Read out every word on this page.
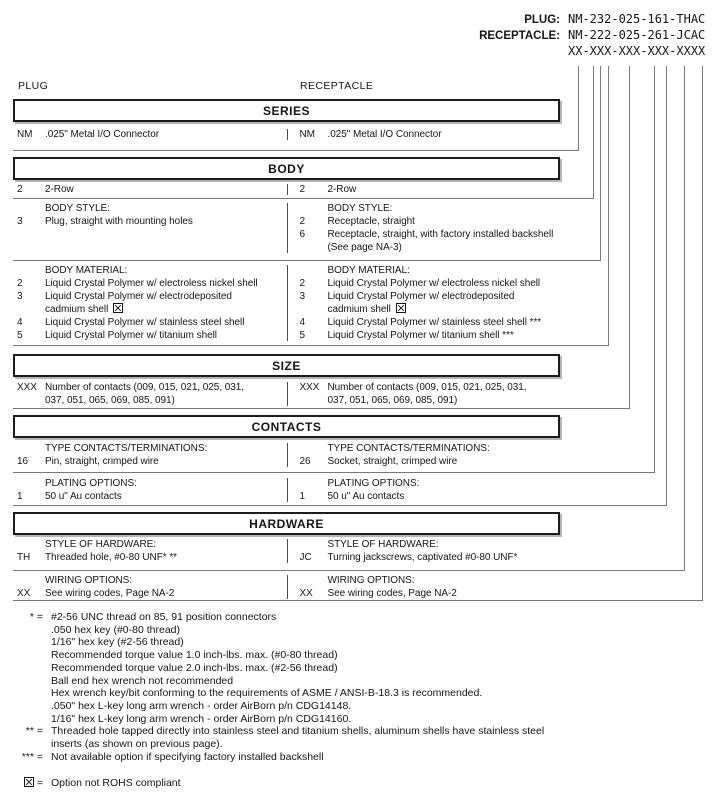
PLUG: NM-232-025-161-THAC
RECEPTACLE: NM-222-025-261-JCAC
XX-XXX-XXX-XXX-XXXX
PLUG	RECEPTACLE
SERIES
NM	.025" Metal I/O Connector	NM	.025" Metal I/O Connector
BODY
2	2-Row	2	2-Row
BODY STYLE:
3	Plug, straight with mounting holes
BODY STYLE:
2	Receptacle, straight
6	Receptacle, straight, with factory installed backshell
(See page NA-3)
BODY MATERIAL:
2	Liquid Crystal Polymer w/ electroless nickel shell
3	Liquid Crystal Polymer w/ electrodeposited
cadmium shell
4	Liquid Crystal Polymer w/ stainless steel shell
5	Liquid Crystal Polymer w/ titanium shell
BODY MATERIAL:
2	Liquid Crystal Polymer w/ electroless nickel shell
3	Liquid Crystal Polymer w/ electrodeposited
cadmium shell
4	Liquid Crystal Polymer w/ stainless steel shell ***
5	Liquid Crystal Polymer w/ titanium shell ***
SIZE
XXX Number of contacts (009, 015, 021, 025, 031,
037, 051, 065, 069, 085, 091)
XXX Number of contacts (009, 015, 021, 025, 031,
037, 051, 065, 069, 085, 091)
CONTACTS
TYPE CONTACTS/TERMINATIONS:
16	Pin, straight, crimped wire
TYPE CONTACTS/TERMINATIONS:
26	Socket, straight, crimped wire
PLATING OPTIONS:
1	50 u" Au contacts
PLATING OPTIONS:
1	50 u" Au contacts
HARDWARE
STYLE OF HARDWARE:
TH	Threaded hole, #0-80 UNF* **
STYLE OF HARDWARE:
JC	Turning jackscrews, captivated #0-80 UNF*
WIRING OPTIONS:
XX	See wiring codes, Page NA-2
WIRING OPTIONS:
XX	See wiring codes, Page NA-2
* = #2-56 UNC thread on 85, 91 position connectors
.050 hex key (#0-80 thread)
1/16" hex key (#2-56 thread)
Recommended torque value 1.0 inch-lbs. max. (#0-80 thread)
Recommended torque value 2.0 inch-lbs. max. (#2-56 thread)
Ball end hex wrench not recommended
Hex wrench key/bit conforming to the requirements of ASME / ANSI-B-18.3 is recommended.
.050" hex L-key long arm wrench - order AirBorn p/n CDG14148.
1/16" hex L-key long arm wrench - order AirBorn p/n CDG14160.
** = Threaded hole tapped directly into stainless steel and titanium shells, aluminum shells have stainless steel
inserts (as shown on previous page).
*** = Not available option if specifying factory installed backshell
= Option not ROHS compliant
